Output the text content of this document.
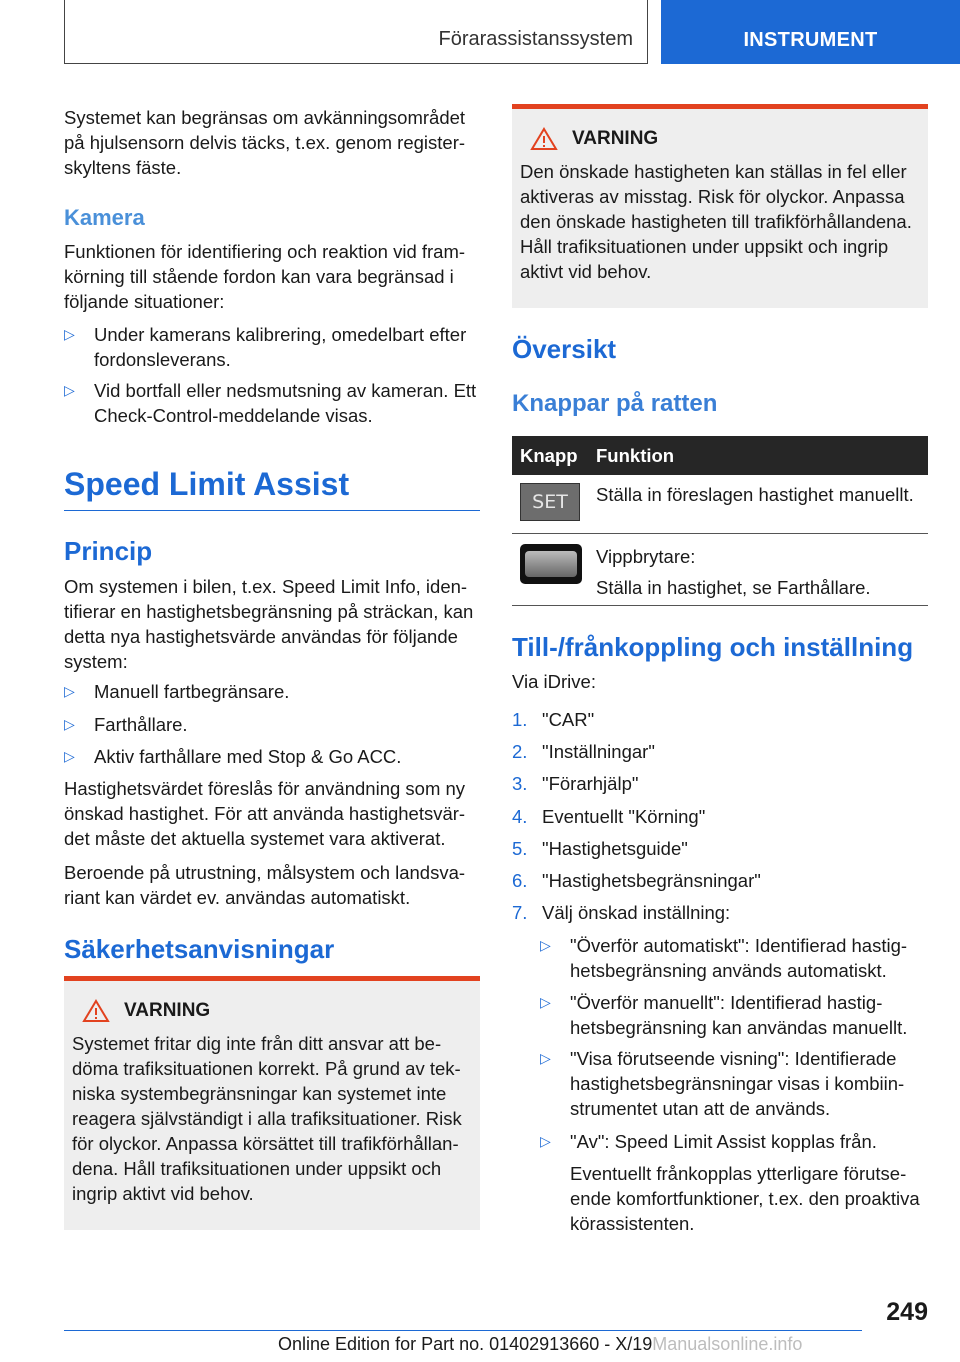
Förarassistanssystem	INSTRUMENT

Systemet kan begränsas om avkänningsområdet på hjulsensorn delvis täcks, t.ex. genom registerskyltens fäste.

Kamera

Funktionen för identifiering och reaktion vid framkörning till stående fordon kan vara begränsad i följande situationer:

▷ Under kamerans kalibrering, omedelbart efter fordonsleverans.
▷ Vid bortfall eller nedsmutsning av kameran. Ett Check-Control-meddelande visas.
Speed Limit Assist
Princip

Om systemen i bilen, t.ex. Speed Limit Info, identifierar en hastighetsbegränsning på sträckan, kan detta nya hastighetsvärde användas för följande system:

▷ Manuell fartbegränsare.
▷ Farthållare.
▷ Aktiv farthållare med Stop & Go ACC.

Hastighetsvärdet föreslås för användning som ny önskad hastighet. För att använda hastighetsvärdet måste det aktuella systemet vara aktiverat.

Beroende på utrustning, målsystem och landsvariant kan värdet ev. användas automatiskt.

Säkerhetsanvisningar
VARNING
Systemet fritar dig inte från ditt ansvar att bedöma trafiksituationen korrekt. På grund av tekniska systembegränsningar kan systemet inte reagera självständigt i alla trafiksituationer. Risk för olyckor. Anpassa körsättet till trafikförhållandena. Håll trafiksituationen under uppsikt och ingrip aktivt vid behov.
VARNING
Den önskade hastigheten kan ställas in fel eller aktiveras av misstag. Risk för olyckor. Anpassa den önskade hastigheten till trafikförhållandena. Håll trafiksituationen under uppsikt och ingrip aktivt vid behov.
Översikt
Knappar på ratten
Knapp Funktion
SET Ställa in föreslagen hastighet manuellt.
Vippbrytare:
Ställa in hastighet, se Farthållare.
Till-/frånkoppling och inställning

Via iDrive:

1. "CAR"
2. "Inställningar"
3. "Förarhjälp"
4. Eventuellt "Körning"
5. "Hastighetsguide"
6. "Hastighetsbegränsningar"
7. Välj önskad inställning:
▷ "Överför automatiskt": Identifierad hastighetsbegränsning används automatiskt.
▷ "Överför manuellt": Identifierad hastighetsbegränsning kan användas manuellt.
▷ "Visa förutseende visning": Identifierade hastighetsbegränsningar visas i kombiinstrumentet utan att de används.
▷ "Av": Speed Limit Assist kopplas från.

Eventuellt frånkopplas ytterligare förutseende komfortfunktioner, t.ex. den proaktiva körassistenten.

249
Online Edition for Part no. 01402913660 - X/19Manualsonline.info
